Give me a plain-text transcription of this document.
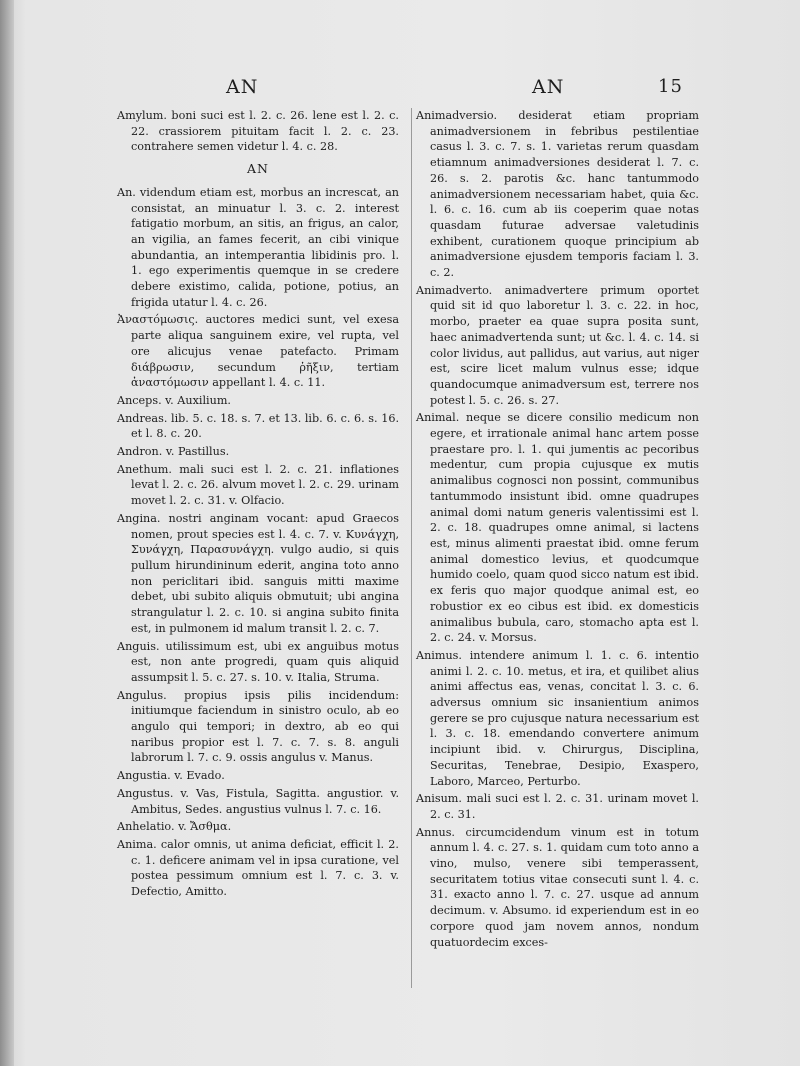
AN	AN	15
Amylum. boni suci est l. 2. c. 26. lene est l. 2. c. 22. crassiorem pituitam facit l. 2. c. 23. contrahere semen videtur l. 4. c. 28.
AN
An. videndum etiam est, morbus an increscat, an consistat, an minuatur l. 3. c. 2. interest fatigatio morbum, an sitis, an frigus, an calor, an vigilia, an fames fecerit, an cibi vinique abundantia, an intemperantia libidinis pro. l. 1. ego experimentis quemque in se credere debere existimo, calida, potione, potius, an frigida utatur l. 4. c. 26.
Ἀναστόμωσις. auctores medici sunt, vel exesa parte aliqua sanguinem exire, vel rupta, vel ore alicujus venae patefacto. Primam διάβρωσιν, secundum ῥῆξιν, tertiam ἀναστόμωσιν appellant l. 4. c. 11.
Anceps. v. Auxilium.
Andreas. lib. 5. c. 18. s. 7. et 13. lib. 6. c. 6. s. 16. et l. 8. c. 20.
Andron. v. Pastillus.
Anethum. mali suci est l. 2. c. 21. inflationes levat l. 2. c. 26. alvum movet l. 2. c. 29. urinam movet l. 2. c. 31. v. Olfacio.
Angina. nostri anginam vocant: apud Graecos nomen, prout species est l. 4. c. 7. v. Κυνάγχη, Συνάγχη, Παρασυνάγχη. vulgo audio, si quis pullum hirundininum ederit, angina toto anno non periclitari ibid. sanguis mitti maxime debet, ubi subito aliquis obmutuit; ubi angina strangulatur l. 2. c. 10. si angina subito finita est, in pulmonem id malum transit l. 2. c. 7.
Anguis. utilissimum est, ubi ex anguibus motus est, non ante progredi, quam quis aliquid assumpsit l. 5. c. 27. s. 10. v. Italia, Struma.
Angulus. propius ipsis pilis incidendum: initiumque faciendum in sinistro oculo, ab eo angulo qui tempori; in dextro, ab eo qui naribus propior est l. 7. c. 7. s. 8. anguli labrorum l. 7. c. 9. ossis angulus v. Manus.
Angustia. v. Evado.
Angustus. v. Vas, Fistula, Sagitta. angustior. v. Ambitus, Sedes. angustius vulnus l. 7. c. 16.
Anhelatio. v. Ἄσθμα.
Anima. calor omnis, ut anima deficiat, efficit l. 2. c. 1. deficere animam vel in ipsa curatione, vel postea pessimum omnium est l. 7. c. 3. v. Defectio, Amitto.
Animadversio. desiderat etiam propriam animadversionem in febribus pestilentiae casus l. 3. c. 7. s. 1. varietas rerum quasdam etiamnum animadversiones desiderat l. 7. c. 26. s. 2. parotis &c. hanc tantummodo animadversionem necessariam habet, quia &c. l. 6. c. 16. cum ab iis coeperim quae notas quasdam futurae adversae valetudinis exhibent, curationem quoque principium ab animadversione ejusdem temporis faciam l. 3. c. 2.
Animadverto. animadvertere primum oportet quid sit id quo laboretur l. 3. c. 22. in hoc, morbo, praeter ea quae supra posita sunt, haec animadvertenda sunt; ut &c. l. 4. c. 14. si color lividus, aut pallidus, aut varius, aut niger est, scire licet malum vulnus esse; idque quandocumque animadversum est, terrere nos potest l. 5. c. 26. s. 27.
Animal. neque se dicere consilio medicum non egere, et irrationale animal hanc artem posse praestare pro. l. 1. qui jumentis ac pecoribus medentur, cum propia cujusque ex mutis animalibus cognosci non possint, communibus tantummodo insistunt ibid. omne quadrupes animal domi natum generis valentissimi est l. 2. c. 18. quadrupes omne animal, si lactens est, minus alimenti praestat ibid. omne ferum animal domestico levius, et quodcumque humido coelo, quam quod sicco natum est ibid. ex feris quo major quodque animal est, eo robustior ex eo cibus est ibid. ex domesticis animalibus bubula, caro, stomacho apta est l. 2. c. 24. v. Morsus.
Animus. intendere animum l. 1. c. 6. intentio animi l. 2. c. 10. metus, et ira, et quilibet alius animi affectus eas, venas, concitat l. 3. c. 6. adversus omnium sic insanientium animos gerere se pro cujusque natura necessarium est l. 3. c. 18. emendando convertere animum incipiunt ibid. v. Chirurgus, Disciplina, Securitas, Tenebrae, Desipio, Exaspero, Laboro, Marceo, Perturbo.
Anisum. mali suci est l. 2. c. 31. urinam movet l. 2. c. 31.
Annus. circumcidendum vinum est in totum annum l. 4. c. 27. s. 1. quidam cum toto anno a vino, mulso, venere sibi temperassent, securitatem totius vitae consecuti sunt l. 4. c. 31. exacto anno l. 7. c. 27. usque ad annum decimum. v. Absumo. id experiendum est in eo corpore quod jam novem annos, nondum quatuordecim exces-
